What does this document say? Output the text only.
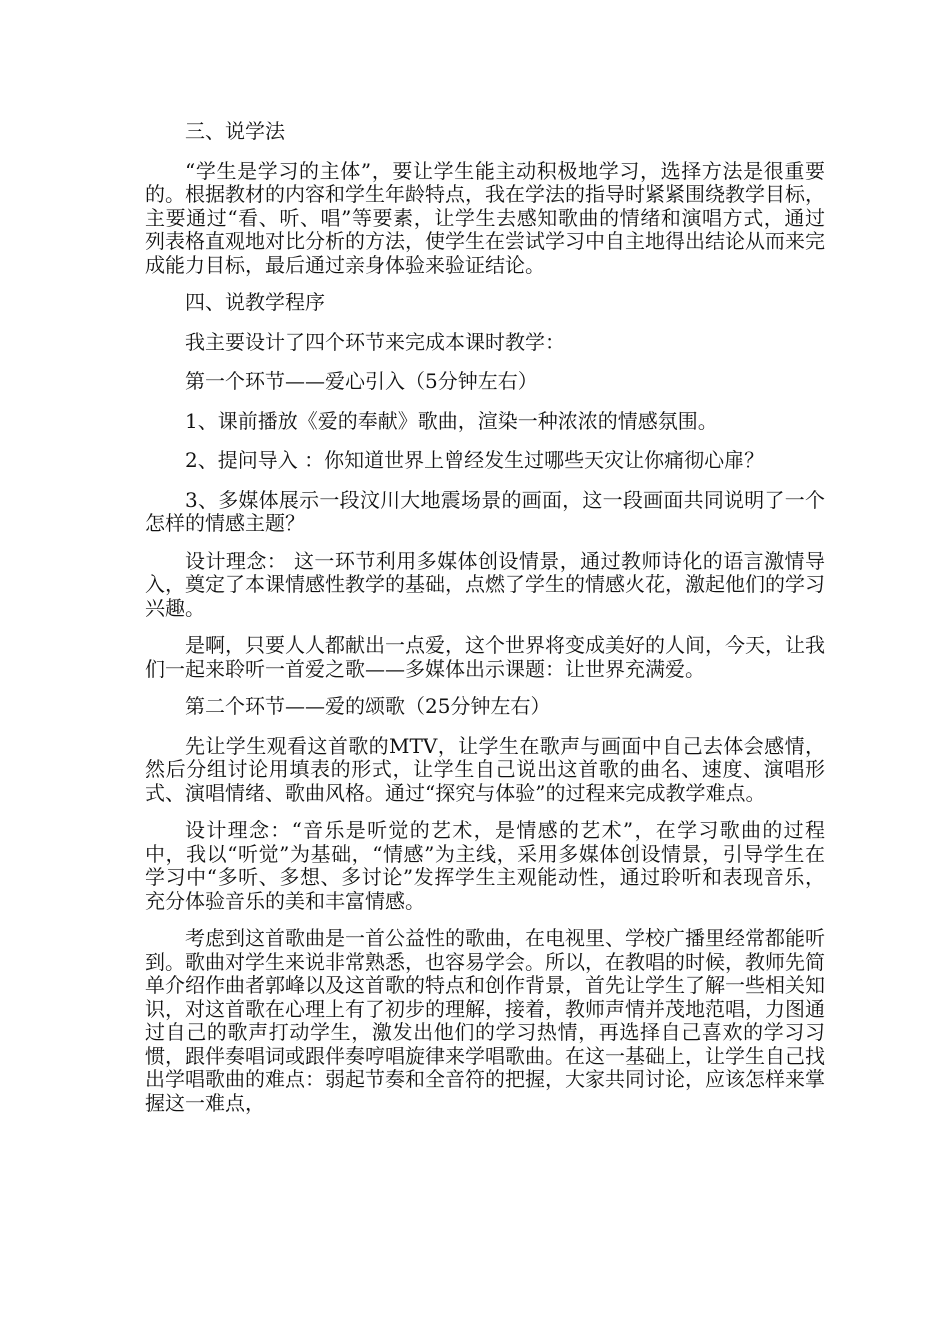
三、说学法

“学生是学习的主体”，要让学生能主动积极地学习，选择方法是很重要的。根据教材的内容和学生年龄特点，我在学法的指导时紧紧围绕教学目标，主要通过“看、听、唱”等要素，让学生去感知歌曲的情绪和演唱方式，通过列表格直观地对比分析的方法，使学生在尝试学习中自主地得出结论从而来完成能力目标，最后通过亲身体验来验证结论。

四、说教学程序

我主要设计了四个环节来完成本课时教学：

第一个环节——爱心引入（5分钟左右）

1、课前播放《爱的奉献》歌曲，渲染一种浓浓的情感氛围。

2、提问导入 ：你知道世界上曾经发生过哪些天灾让你痛彻心扉？

3、多媒体展示一段汶川大地震场景的画面，这一段画面共同说明了一个怎样的情感主题？

设计理念： 这一环节利用多媒体创设情景，通过教师诗化的语言激情导入，奠定了本课情感性教学的基础，点燃了学生的情感火花，激起他们的学习兴趣。

是啊，只要人人都献出一点爱，这个世界将变成美好的人间，今天，让我们一起来聆听一首爱之歌——多媒体出示课题：让世界充满爱。

第二个环节——爱的颂歌（25分钟左右）

先让学生观看这首歌的MTV，让学生在歌声与画面中自己去体会感情，然后分组讨论用填表的形式，让学生自己说出这首歌的曲名、速度、演唱形式、演唱情绪、歌曲风格。通过“探究与体验”的过程来完成教学难点。

设计理念：“音乐是听觉的艺术，是情感的艺术”，在学习歌曲的过程中，我以“听觉”为基础，“情感”为主线，采用多媒体创设情景，引导学生在学习中“多听、多想、多讨论”发挥学生主观能动性，通过聆听和表现音乐，充分体验音乐的美和丰富情感。

考虑到这首歌曲是一首公益性的歌曲，在电视里、学校广播里经常都能听到。歌曲对学生来说非常熟悉，也容易学会。所以，在教唱的时候，教师先简单介绍作曲者郭峰以及这首歌的特点和创作背景，首先让学生了解一些相关知识，对这首歌在心理上有了初步的理解，接着，教师声情并茂地范唱，力图通过自己的歌声打动学生，激发出他们的学习热情，再选择自己喜欢的学习习惯，跟伴奏唱词或跟伴奏哼唱旋律来学唱歌曲。在这一基础上，让学生自己找出学唱歌曲的难点：弱起节奏和全音符的把握，大家共同讨论，应该怎样来掌握这一难点，
